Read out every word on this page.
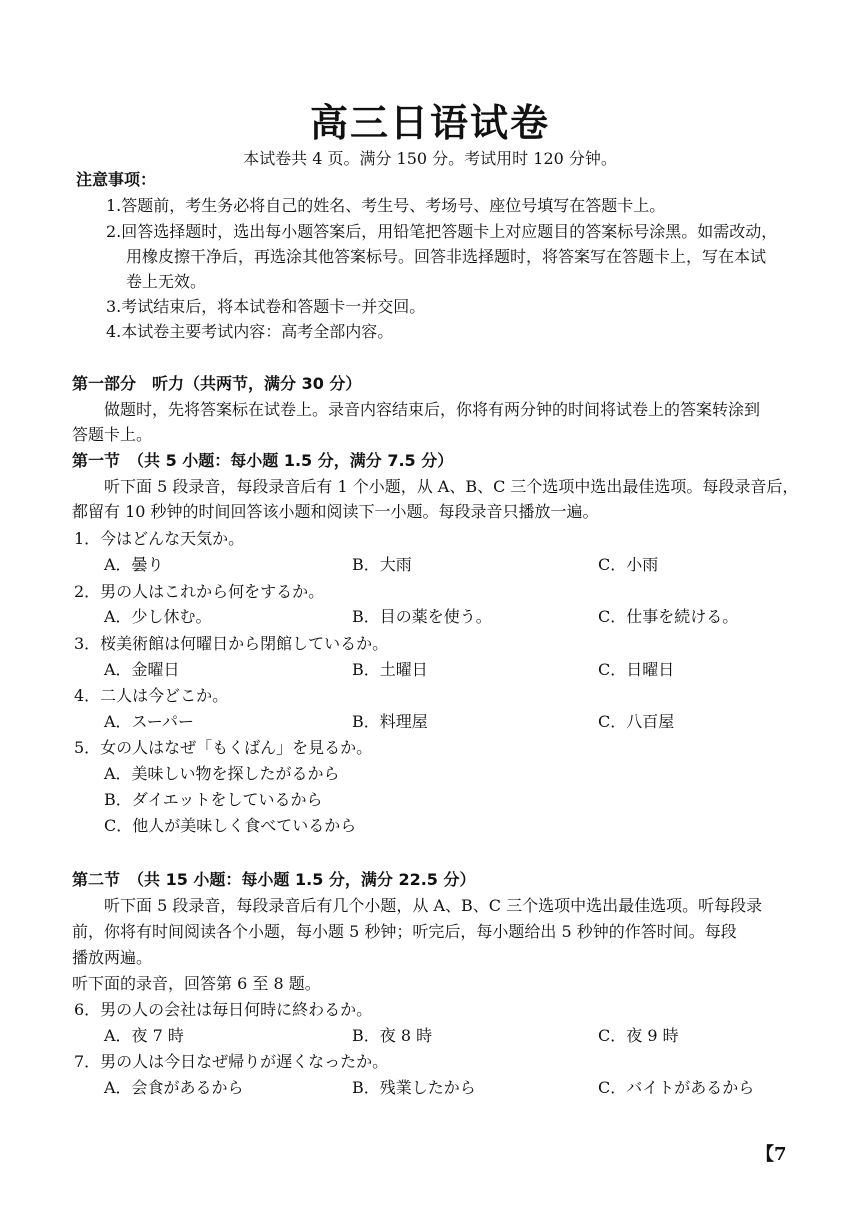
高三日语试卷
本试卷共 4 页。满分 150 分。考试用时 120 分钟。
注意事项：
1.答题前，考生务必将自己的姓名、考生号、考场号、座位号填写在答题卡上。
2.回答选择题时，选出每小题答案后，用铅笔把答题卡上对应题目的答案标号涂黑。如需改动，
用橡皮擦干净后，再选涂其他答案标号。回答非选择题时，将答案写在答题卡上，写在本试
卷上无效。
3.考试结束后，将本试卷和答题卡一并交回。
4.本试卷主要考试内容：高考全部内容。
第一部分　听力（共两节，满分 30 分）
做题时，先将答案标在试卷上。录音内容结束后，你将有两分钟的时间将试卷上的答案转涂到
答题卡上。
第一节　（共 5 小题：每小题 1.5 分，满分 7.5 分）
听下面 5 段录音，每段录音后有 1 个小题，从 A、B、C 三个选项中选出最佳选项。每段录音后，
都留有 10 秒钟的时间回答该小题和阅读下一小题。每段录音只播放一遍。
1．今はどんな天気か。
A．曇り	B．大雨	C．小雨
2．男の人はこれから何をするか。
A．少し休む。	B．目の薬を使う。	C．仕事を続ける。
3．桜美術館は何曜日から閉館しているか。
A．金曜日	B．土曜日	C．日曜日
4．二人は今どこか。
A．スーパー	B．料理屋	C．八百屋
5．女の人はなぜ「もくばん」を見るか。
A．美味しい物を探したがるから
B．ダイエットをしているから
C．他人が美味しく食べているから
第二节　（共 15 小题：每小题 1.5 分，满分 22.5 分）
听下面 5 段录音，每段录音后有几个小题，从 A、B、C 三个选项中选出最佳选项。听每段录
前，你将有时间阅读各个小题，每小题 5 秒钟；听完后，每小题给出 5 秒钟的作答时间。每段
播放两遍。
听下面的录音，回答第 6 至 8 题。
6．男の人の会社は毎日何時に終わるか。
A．夜 7 時	B．夜 8 時	C．夜 9 時
7．男の人は今日なぜ帰りが遅くなったか。
A．会食があるから	B．残業したから	C．バイトがあるから
【7
